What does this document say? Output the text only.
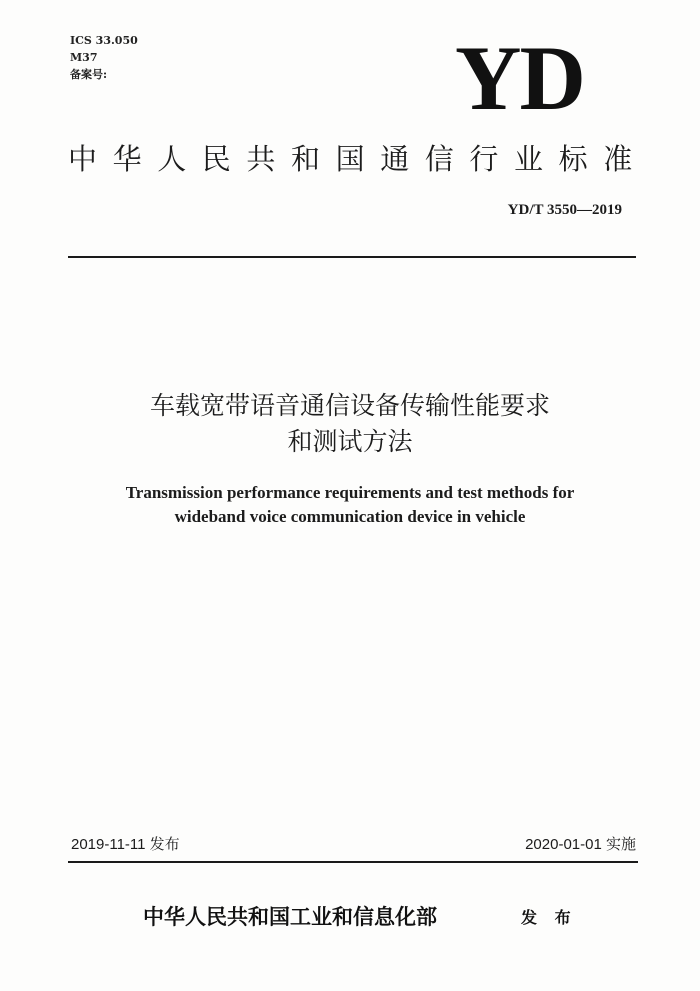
ICS 33.050
M37
备案号:	YD
中华人民共和国通信行业标准
YD/T 3550—2019
车载宽带语音通信设备传输性能要求
和测试方法
Transmission performance requirements and test methods for
wideband voice communication device in vehicle
2019-11-11 发布	2020-01-01 实施
中华人民共和国工业和信息化部	发 布
